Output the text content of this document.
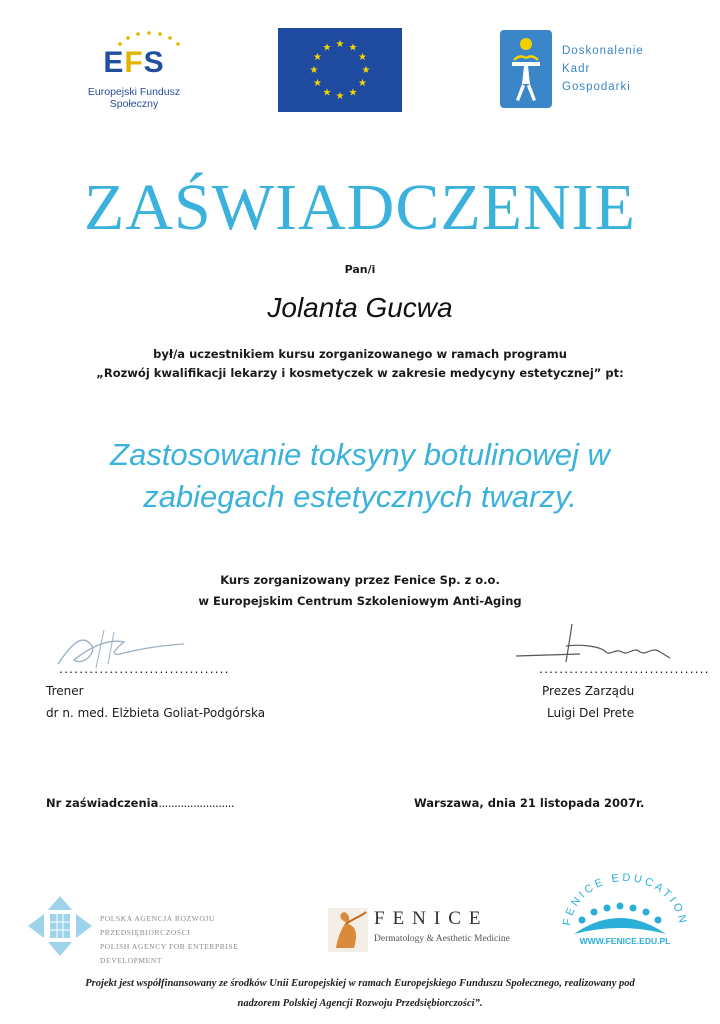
EFS
Europejski Fundusz Społeczny
★ ★
★
★
★
★
★
★
★
★
★
★	Doskonalenie
Kadr
Gospodarki
ZAŚWIADCZENIE
Pan/i
Jolanta Gucwa
był/a uczestnikiem kursu zorganizowanego w ramach programu
„Rozwój kwalifikacji lekarzy i kosmetyczek w zakresie medycyny estetycznej” pt:
Zastosowanie toksyny botulinowej w
zabiegach estetycznych twarzy.
Kurs zorganizowany przez Fenice Sp. z o.o.
w Europejskim Centrum Szkoleniowym Anti-Aging
..................................	..................................
Trener
dr n. med. Elżbieta Goliat-Podgórska
Prezes Zarządu
Luigi Del Prete
Nr zaświadczenia........................	Warszawa, dnia 21 listopada 2007r.
POLSKA AGENCJA ROZWOJU PRZEDSIĘBIORCZOŚCI
POLISH AGENCY FOR ENTERPRISE DEVELOPMENT
FENICE
Dermatology & Aesthetic Medicine
FENICE EDUCATION
WWW.FENICE.EDU.PL
Projekt jest współfinansowany ze środków Unii Europejskiej w ramach Europejskiego Funduszu Społecznego, realizowany pod
nadzorem Polskiej Agencji Rozwoju Przedsiębiorczości”.
